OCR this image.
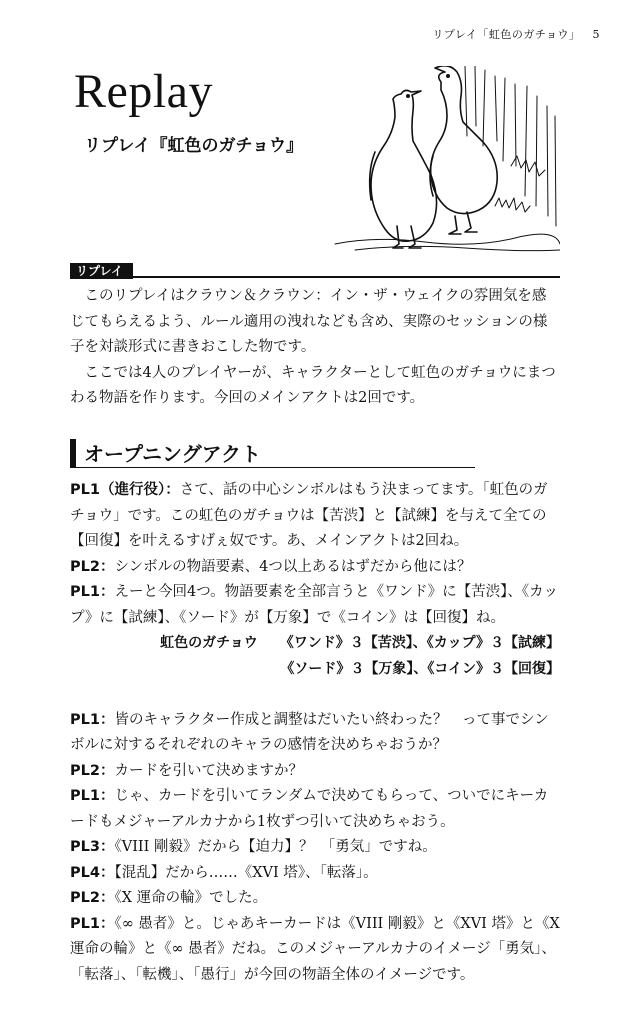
リプレイ「虹色のガチョウ」 5
Replay
リプレイ『虹色のガチョウ』
リプレイ

このリプレイはクラウン＆クラウン：イン・ザ・ウェイクの雰囲気を感じてもらえるよう、ルール適用の洩れなども含め、実際のセッションの様子を対談形式に書きおこした物です。

ここでは4人のプレイヤーが、キャラクターとして虹色のガチョウにまつわる物語を作ります。今回のメインアクトは2回です。

オープニングアクト

PL1（進行役）：さて、話の中心シンボルはもう決まってます。「虹色のガチョウ」です。この虹色のガチョウは【苦渋】と【試練】を与えて全ての【回復】を叶えるすげぇ奴です。あ、メインアクトは2回ね。

PL2：シンボルの物語要素、4つ以上あるはずだから他には？

PL1：えーと今回4つ。物語要素を全部言うと《ワンド》に【苦渋】、《カップ》に【試練】、《ソード》が【万象】で《コイン》は【回復】ね。

虹色のガチョウ 《ワンド》３【苦渋】、《カップ》３【試練】

《ソード》３【万象】、《コイン》３【回復】

PL1：皆のキャラクター作成と調整はだいたい終わった？　って事でシンボルに対するそれぞれのキャラの感情を決めちゃおうか？

PL2：カードを引いて決めますか？

PL1：じゃ、カードを引いてランダムで決めてもらって、ついでにキーカードもメジャーアルカナから1枚ずつ引いて決めちゃおう。

PL3：《VIII 剛毅》だから【迫力】？　「勇気」ですね。

PL4：【混乱】だから……《XVI 塔》、「転落」。

PL2：《X 運命の輪》でした。

PL1：《∞ 愚者》と。じゃあキーカードは《VIII 剛毅》と《XVI 塔》と《X 運命の輪》と《∞ 愚者》だね。このメジャーアルカナのイメージ「勇気」、「転落」、「転機」、「愚行」が今回の物語全体のイメージです。
